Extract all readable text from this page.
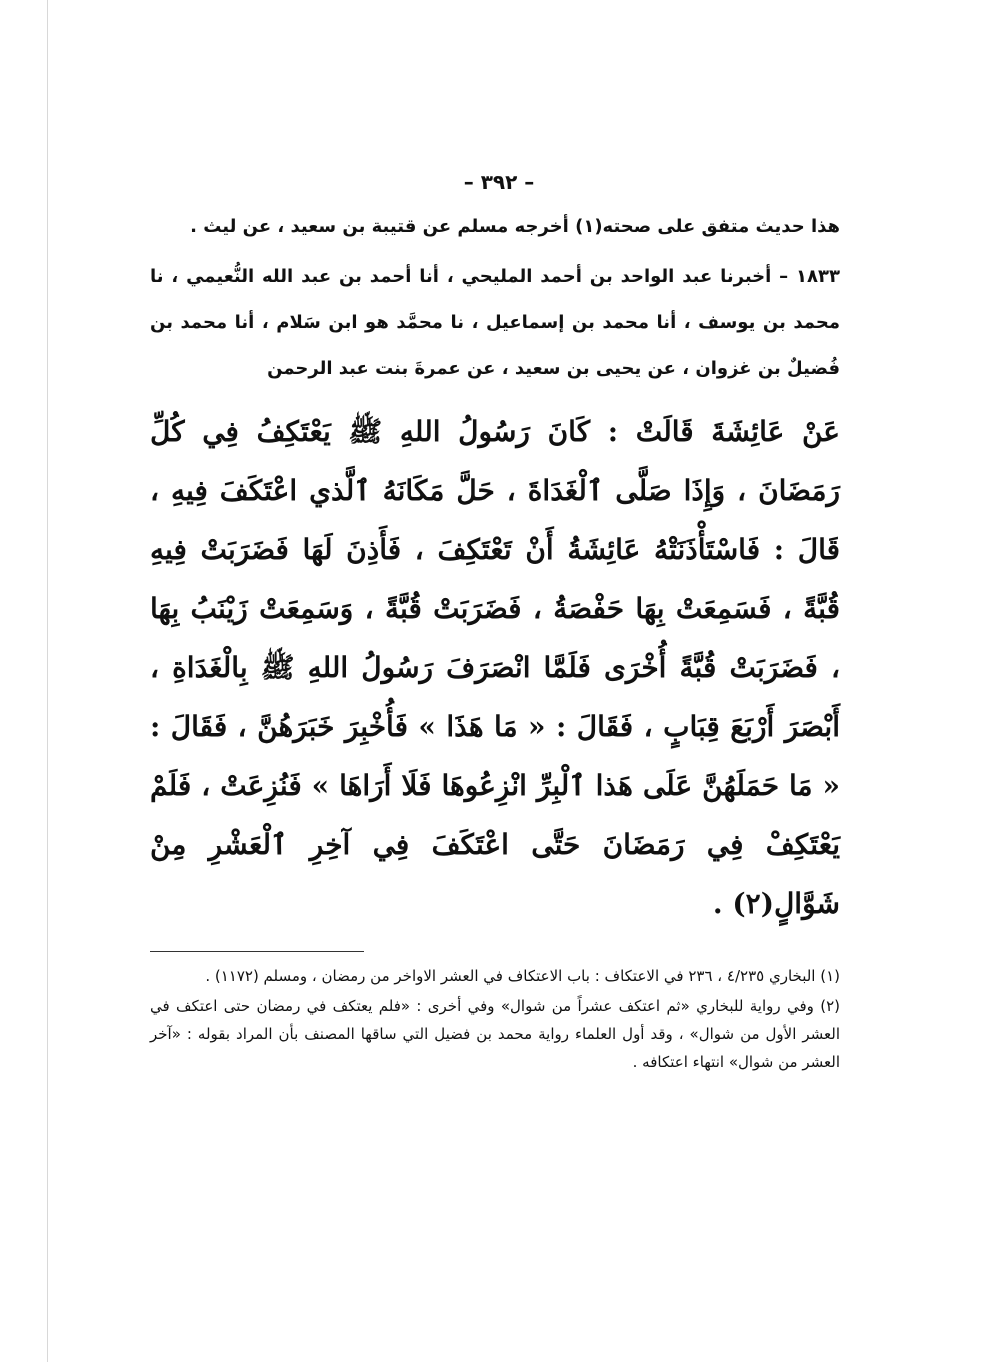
– ٣٩٢ –

هذا حديث متفق على صحته(١) أخرجه مسلم عن قتيبة بن سعيد ، عن ليث .

١٨٣٣ – أخبرنا عبد الواحد بن أحمد المليحي ، أنا أحمد بن عبد الله النُّعيمي ، نا محمد بن يوسف ، أنا محمد بن إسماعيل ، نا محمَّد هو ابن سَلام ، أنا محمد بن فُضيلٌ بن غزوان ، عن يحيى بن سعيد ، عن عمرةَ بنت عبد الرحمن

عَنْ عَائِشَةَ قَالَتْ : كَانَ رَسُولُ اللهِ ﷺ يَعْتَكِفُ فِي كُلِّ رَمَضَانَ ، وَإِذَا صَلَّى ٱلْغَدَاةَ ، حَلَّ مَكَانَهُ ٱلَّذي اعْتَكَفَ فِيهِ ، قَالَ : فَاسْتَأْذَنَتْهُ عَائِشَةُ أَنْ تَعْتَكِفَ ، فَأَذِنَ لَهَا فَضَرَبَتْ فِيهِ قُبَّةً ، فَسَمِعَتْ بِهَا حَفْصَةُ ، فَضَرَبَتْ قُبَّةً ، وَسَمِعَتْ زَيْنَبُ بِهَا ، فَضَرَبَتْ قُبَّةً أُخْرَى فَلَمَّا انْصَرَفَ رَسُولُ اللهِ ﷺ بِالْغَدَاةِ ، أَبْصَرَ أَرْبَعَ قِبَابٍ ، فَقَالَ : « مَا هَذَا » فَأُخْبِرَ خَبَرَهُنَّ ، فَقَالَ : « مَا حَمَلَهُنَّ عَلَى هَذا ٱلْبِرِّ انْزِعُوهَا فَلَا أَرَاهَا » فَنُزِعَتْ ، فَلَمْ يَعْتَكِفْ فِي رَمَضَانَ حَتَّى اعْتَكَفَ فِي آخِرِ ٱلْعَشْرِ مِنْ شَوَّالٍ(٢) .

(١) البخاري ٤/٢٣٥ ، ٢٣٦ في الاعتكاف : باب الاعتكاف في العشر الاواخر من رمضان ، ومسلم (١١٧٢) .

(٢) وفي رواية للبخاري «ثم اعتكف عشراً من شوال» وفي أخرى : «فلم يعتكف في رمضان حتى اعتكف في العشر الأول من شوال» ، وقد أول العلماء رواية محمد بن فضيل التي ساقها المصنف بأن المراد بقوله : «آخر العشر من شوال» انتهاء اعتكافه .
